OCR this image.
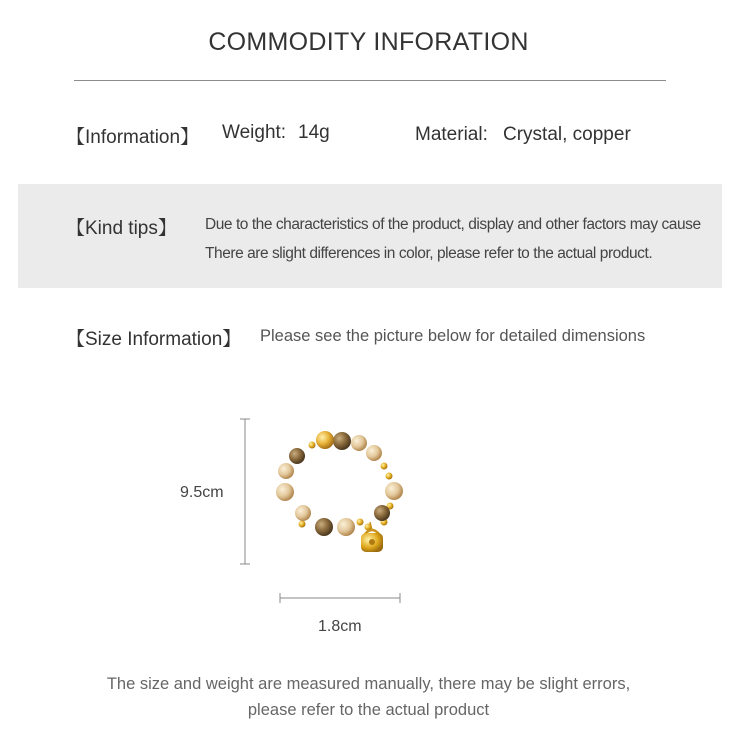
COMMODITY INFORATION
【Information】 Weight: 14g	Material: Crystal, copper
【Kind tips】 Due to the characteristics of the product, display and other factors may cause
There are slight differences in color, please refer to the actual product.
【Size Information】 Please see the picture below for detailed dimensions
9.5cm
1.8cm
The size and weight are measured manually, there may be slight errors,
please refer to the actual product
